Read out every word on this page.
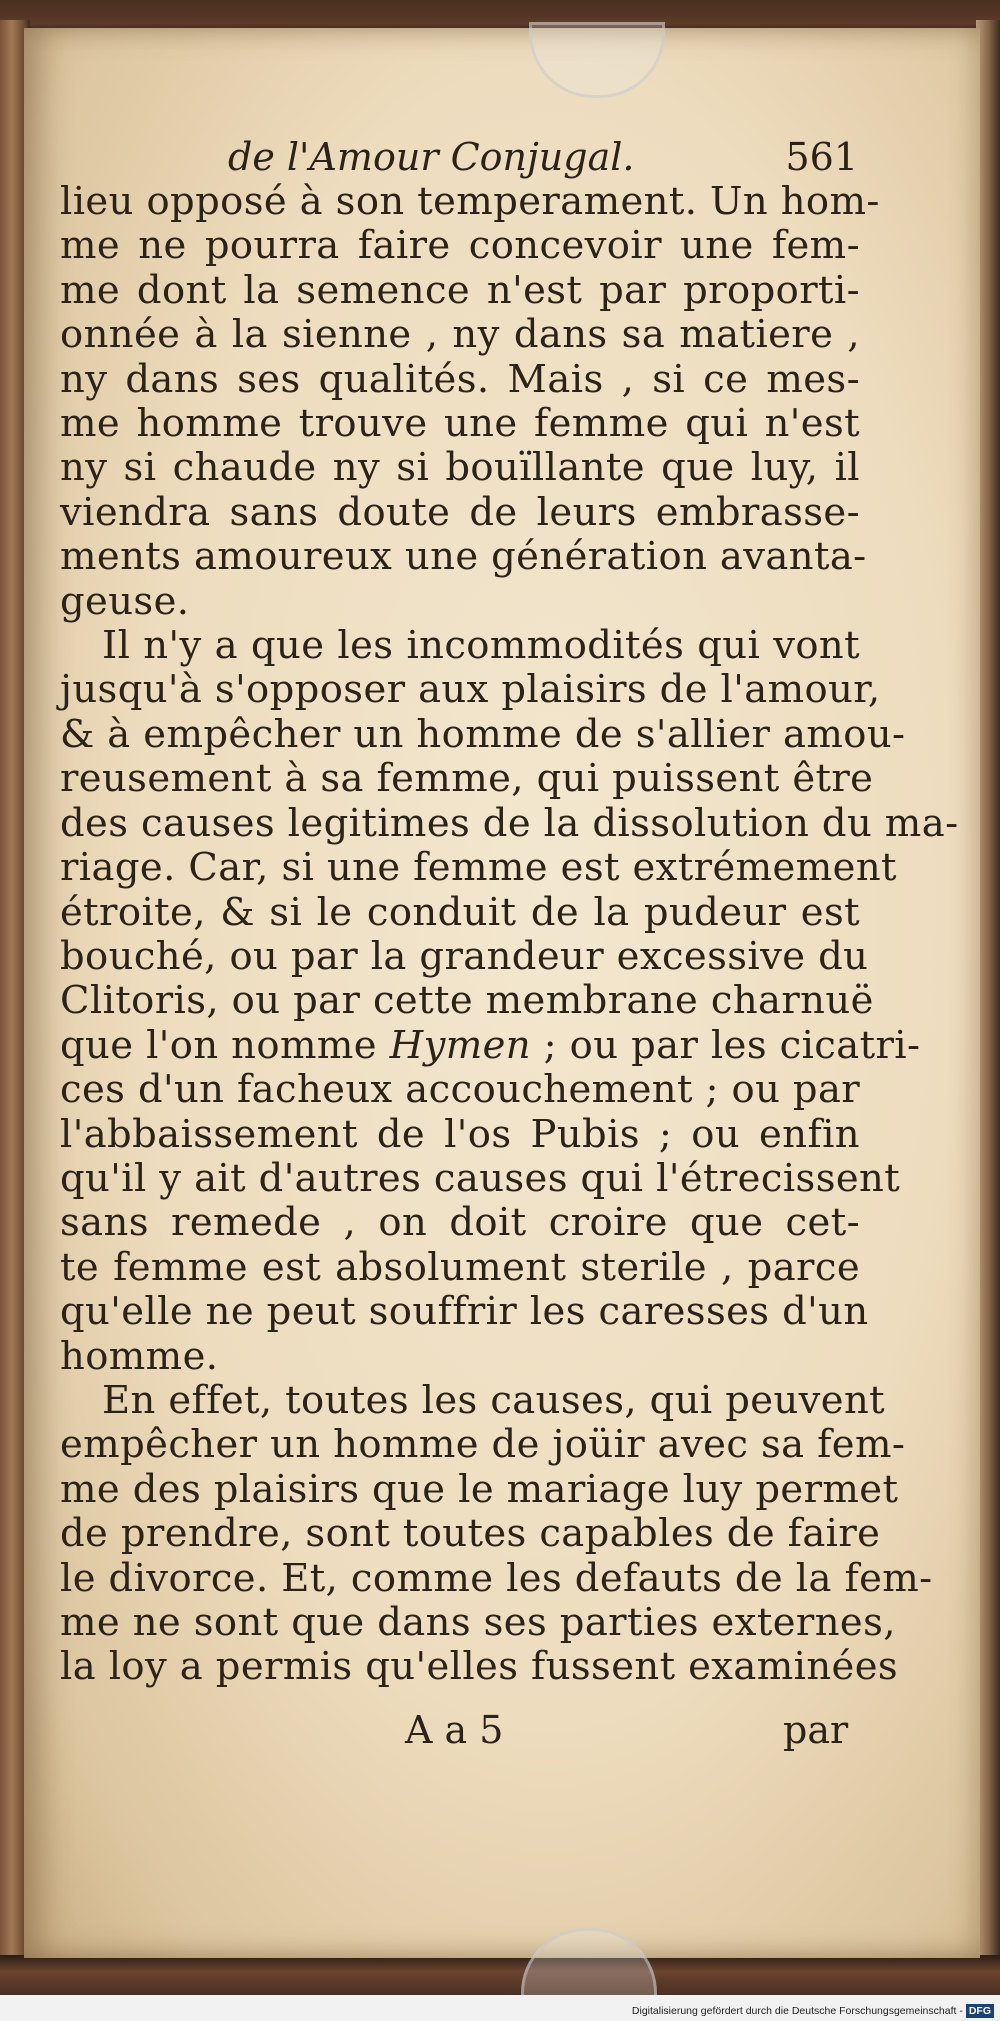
de l'Amour Conjugal.	561
lieu opposé à son temperament. Un hom-
me ne pourra faire concevoir une fem-
me dont la semence n'est par proporti-
onnée à la sienne , ny dans sa matiere ,
ny dans ses qualités. Mais , si ce mes-
me homme trouve une femme qui n'est
ny si chaude ny si bouïllante que luy, il
viendra sans doute de leurs embrasse-
ments amoureux une génération avanta-
geuse.
Il n'y a que les incommodités qui vont
jusqu'à s'opposer aux plaisirs de l'amour,
& à empêcher un homme de s'allier amou-
reusement à sa femme, qui puissent être
des causes legitimes de la dissolution du ma-
riage. Car, si une femme est extrémement
étroite, & si le conduit de la pudeur est
bouché, ou par la grandeur excessive du
Clitoris, ou par cette membrane charnuë
que l'on nomme Hymen ; ou par les cicatri-
ces d'un facheux accouchement ; ou par
l'abbaissement de l'os Pubis ; ou enfin
qu'il y ait d'autres causes qui l'étrecissent
sans remede , on doit croire que cet-
te femme est absolument sterile , parce
qu'elle ne peut souffrir les caresses d'un
homme.
En effet, toutes les causes, qui peuvent
empêcher un homme de joüir avec sa fem-
me des plaisirs que le mariage luy permet
de prendre, sont toutes capables de faire
le divorce. Et, comme les defauts de la fem-
me ne sont que dans ses parties externes,
la loy a permis qu'elles fussent examinées
A a 5	par
Digitalisierung gefördert durch die Deutsche Forschungsgemeinschaft - DFG
